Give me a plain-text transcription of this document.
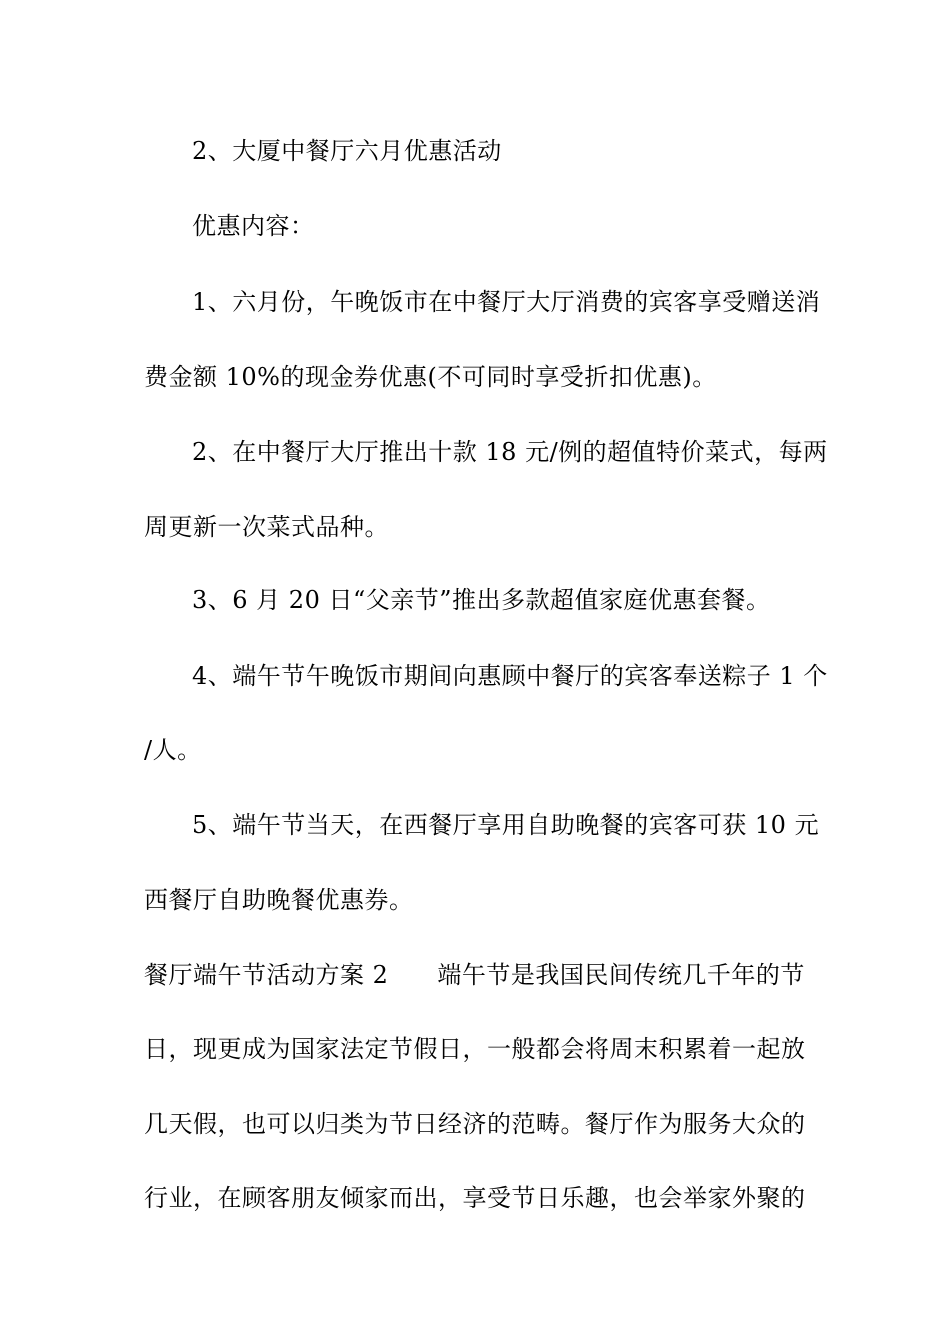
2、大厦中餐厅六月优惠活动
优惠内容：
1、六月份，午晚饭市在中餐厅大厅消费的宾客享受赠送消
费金额 10%的现金券优惠(不可同时享受折扣优惠)。
2、在中餐厅大厅推出十款 18 元/例的超值特价菜式，每两
周更新一次菜式品种。
3、6 月 20 日“父亲节”推出多款超值家庭优惠套餐。
4、端午节午晚饭市期间向惠顾中餐厅的宾客奉送粽子 1 个
/人。
5、端午节当天，在西餐厅享用自助晚餐的宾客可获 10 元
西餐厅自助晚餐优惠券。
餐厅端午节活动方案 2　　端午节是我国民间传统几千年的节
日，现更成为国家法定节假日，一般都会将周末积累着一起放
几天假，也可以归类为节日经济的范畴。餐厅作为服务大众的
行业，在顾客朋友倾家而出，享受节日乐趣，也会举家外聚的
